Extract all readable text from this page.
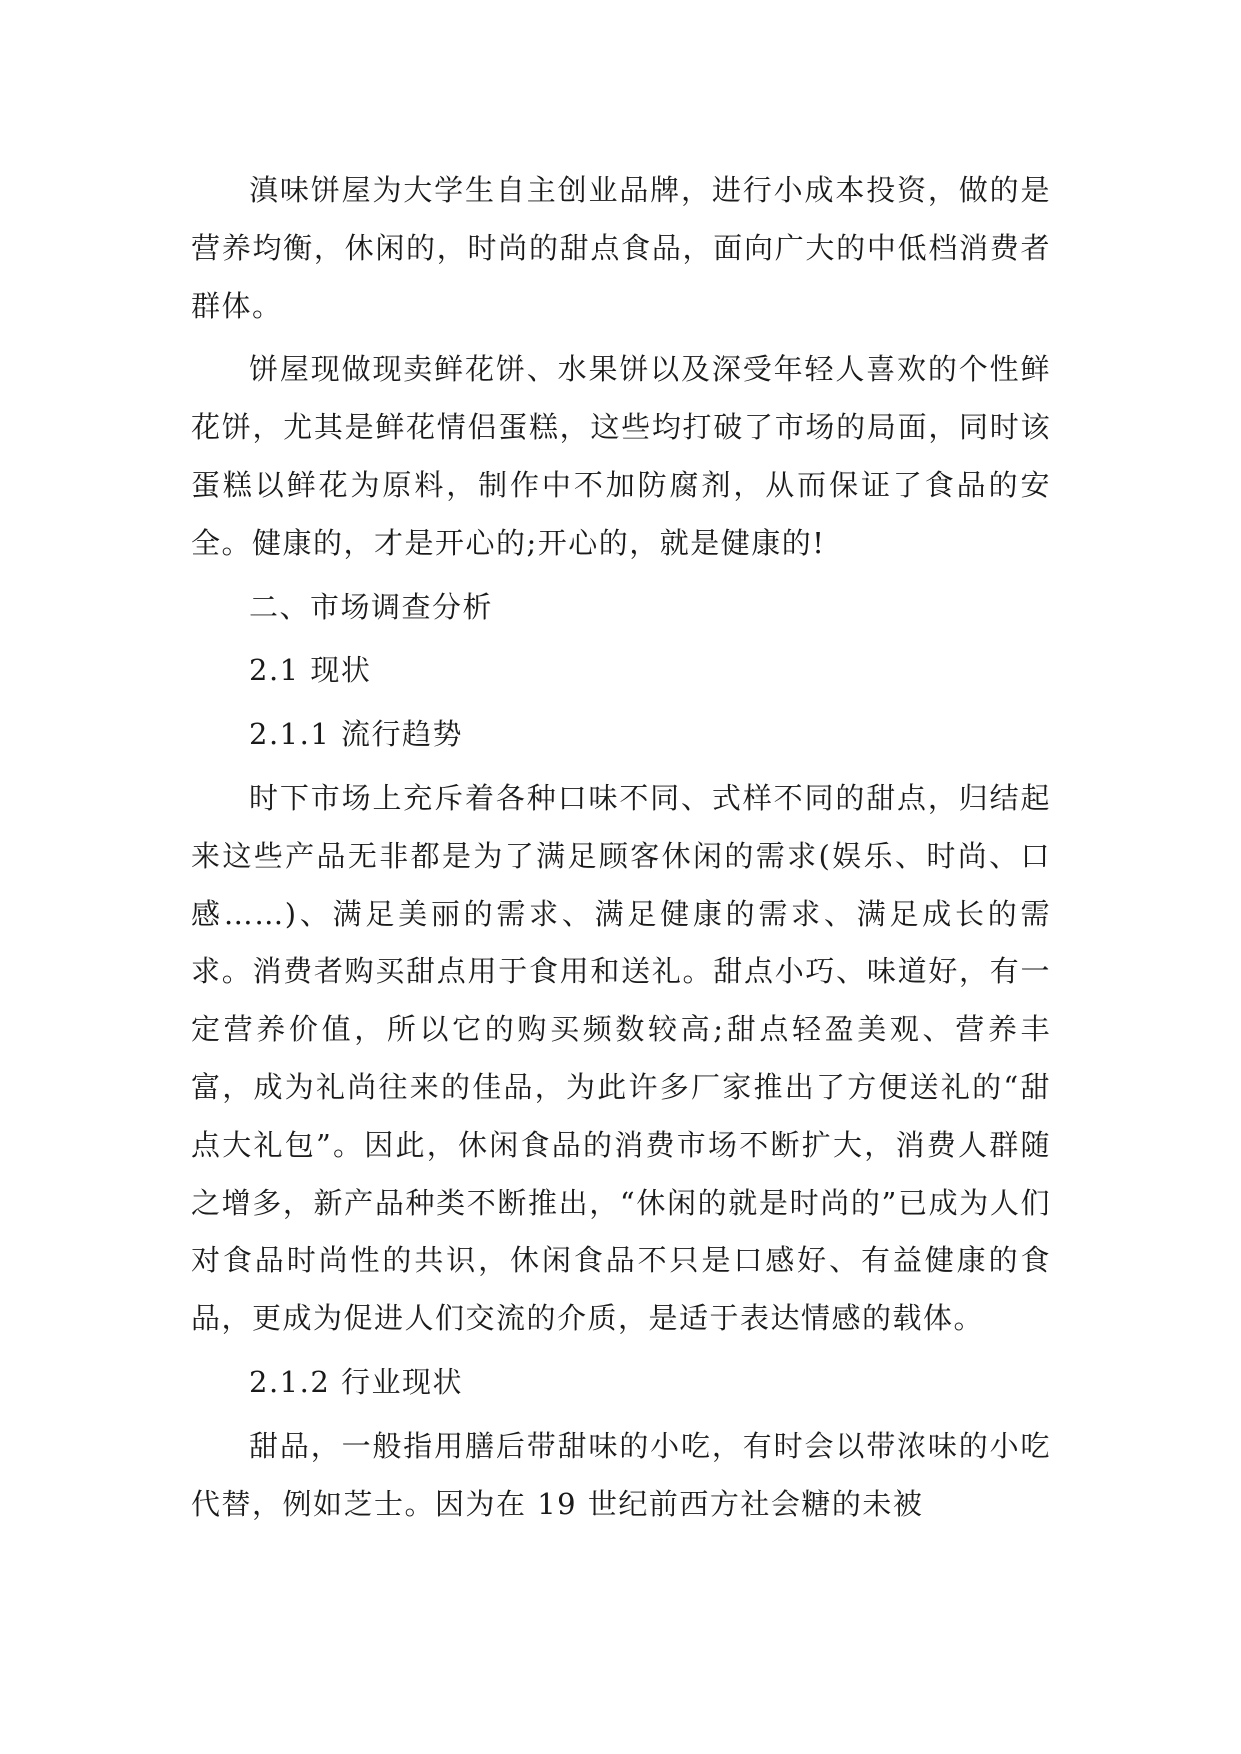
滇味饼屋为大学生自主创业品牌，进行小成本投资，做的是营养均衡，休闲的，时尚的甜点食品，面向广大的中低档消费者群体。

饼屋现做现卖鲜花饼、水果饼以及深受年轻人喜欢的个性鲜花饼，尤其是鲜花情侣蛋糕，这些均打破了市场的局面，同时该蛋糕以鲜花为原料，制作中不加防腐剂，从而保证了食品的安全。健康的，才是开心的;开心的，就是健康的!

二、市场调查分析

2.1 现状

2.1.1 流行趋势

时下市场上充斥着各种口味不同、式样不同的甜点，归结起来这些产品无非都是为了满足顾客休闲的需求(娱乐、时尚、口感……)、满足美丽的需求、满足健康的需求、满足成长的需求。消费者购买甜点用于食用和送礼。甜点小巧、味道好，有一定营养价值，所以它的购买频数较高;甜点轻盈美观、营养丰富，成为礼尚往来的佳品，为此许多厂家推出了方便送礼的“甜点大礼包”。因此，休闲食品的消费市场不断扩大，消费人群随之增多，新产品种类不断推出，“休闲的就是时尚的”已成为人们对食品时尚性的共识，休闲食品不只是口感好、有益健康的食品，更成为促进人们交流的介质，是适于表达情感的载体。

2.1.2 行业现状

甜品，一般指用膳后带甜味的小吃，有时会以带浓味的小吃代替，例如芝士。因为在 19 世纪前西方社会糖的未被
